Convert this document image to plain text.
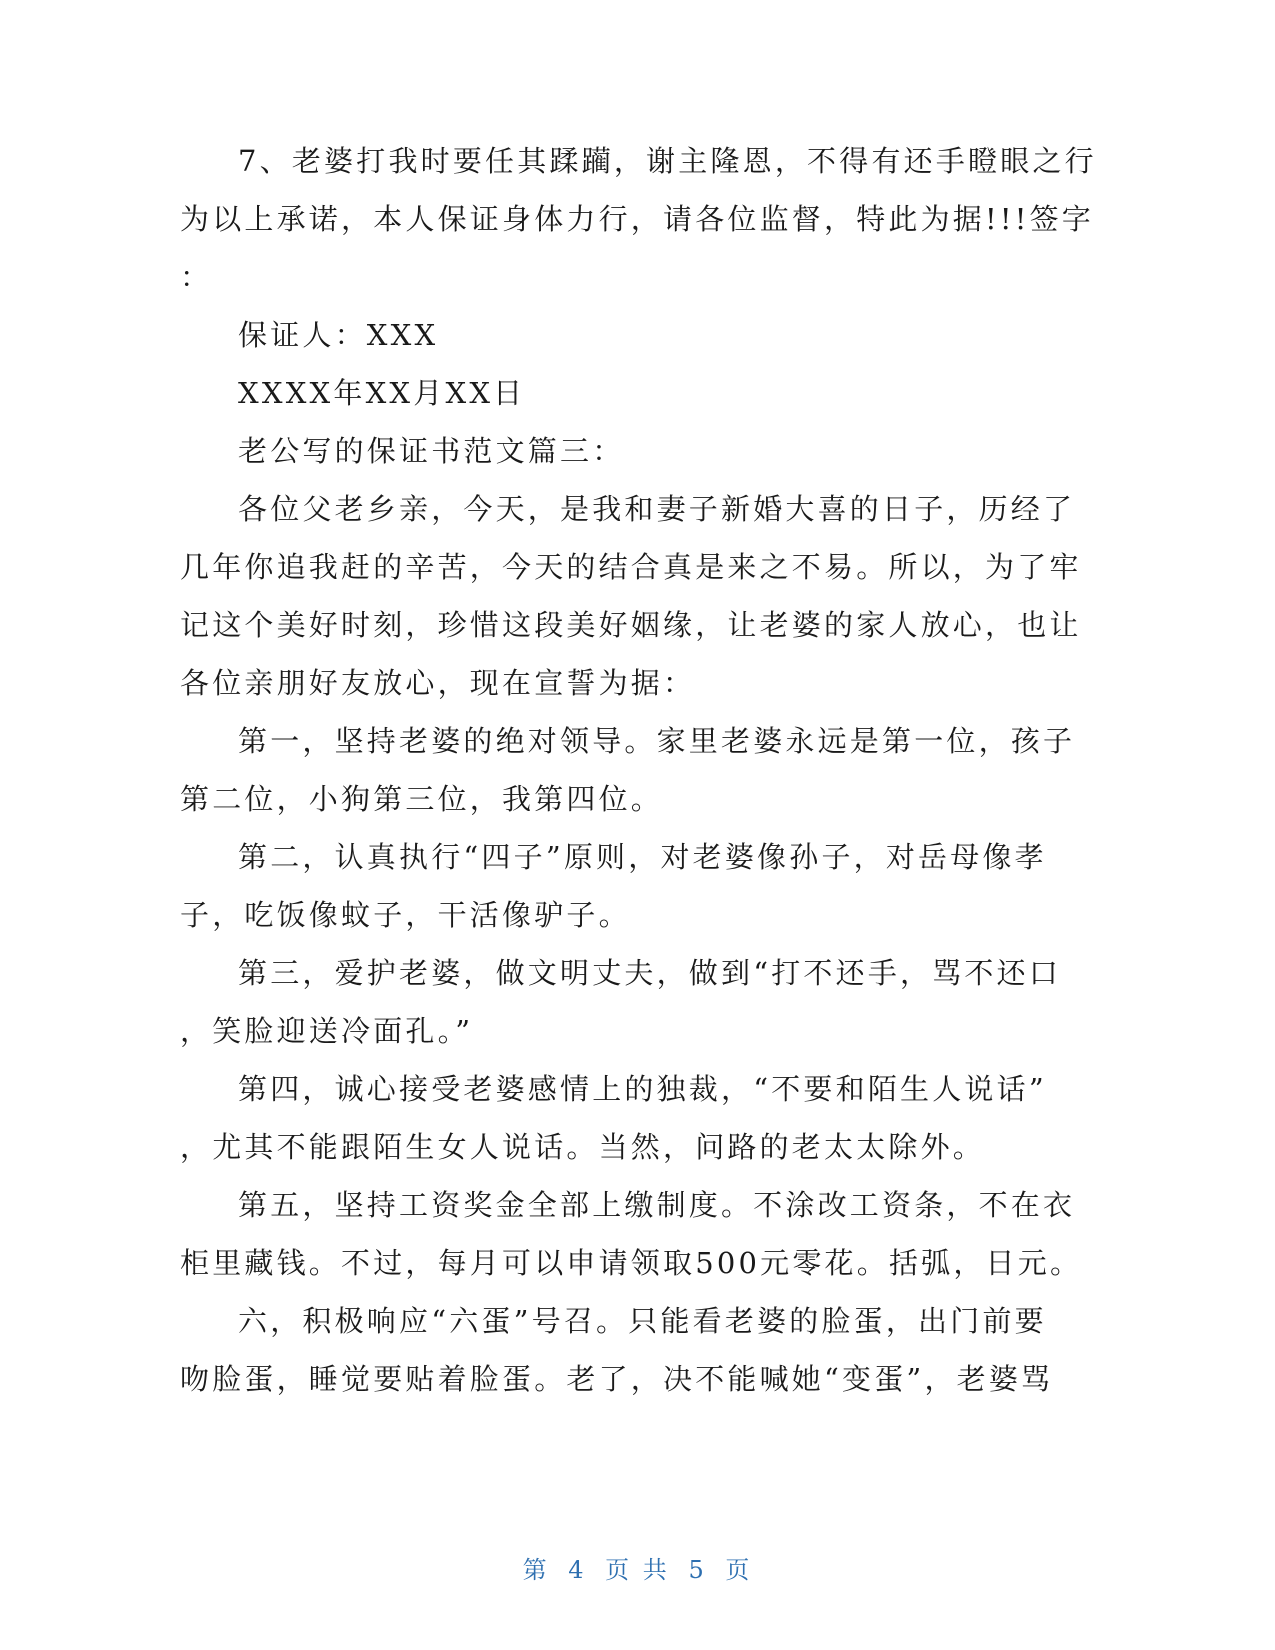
7、老婆打我时要任其蹂躏，谢主隆恩，不得有还手瞪眼之行
为以上承诺，本人保证身体力行，请各位监督，特此为据!!!签字
：
保证人：XXX
XXXX年XX月XX日
老公写的保证书范文篇三：
各位父老乡亲，今天，是我和妻子新婚大喜的日子，历经了
几年你追我赶的辛苦，今天的结合真是来之不易。所以，为了牢
记这个美好时刻，珍惜这段美好姻缘，让老婆的家人放心，也让
各位亲朋好友放心，现在宣誓为据：
第一，坚持老婆的绝对领导。家里老婆永远是第一位，孩子
第二位，小狗第三位，我第四位。
第二，认真执行“四子”原则，对老婆像孙子，对岳母像孝
子，吃饭像蚊子，干活像驴子。
第三，爱护老婆，做文明丈夫，做到“打不还手，骂不还口
，笑脸迎送冷面孔。”
第四，诚心接受老婆感情上的独裁，“不要和陌生人说话”
，尤其不能跟陌生女人说话。当然，问路的老太太除外。
第五，坚持工资奖金全部上缴制度。不涂改工资条，不在衣
柜里藏钱。不过，每月可以申请领取500元零花。括弧，日元。
六，积极响应“六蛋”号召。只能看老婆的脸蛋，出门前要
吻脸蛋，睡觉要贴着脸蛋。老了，决不能喊她“变蛋”，老婆骂
第 4 页 共 5 页
